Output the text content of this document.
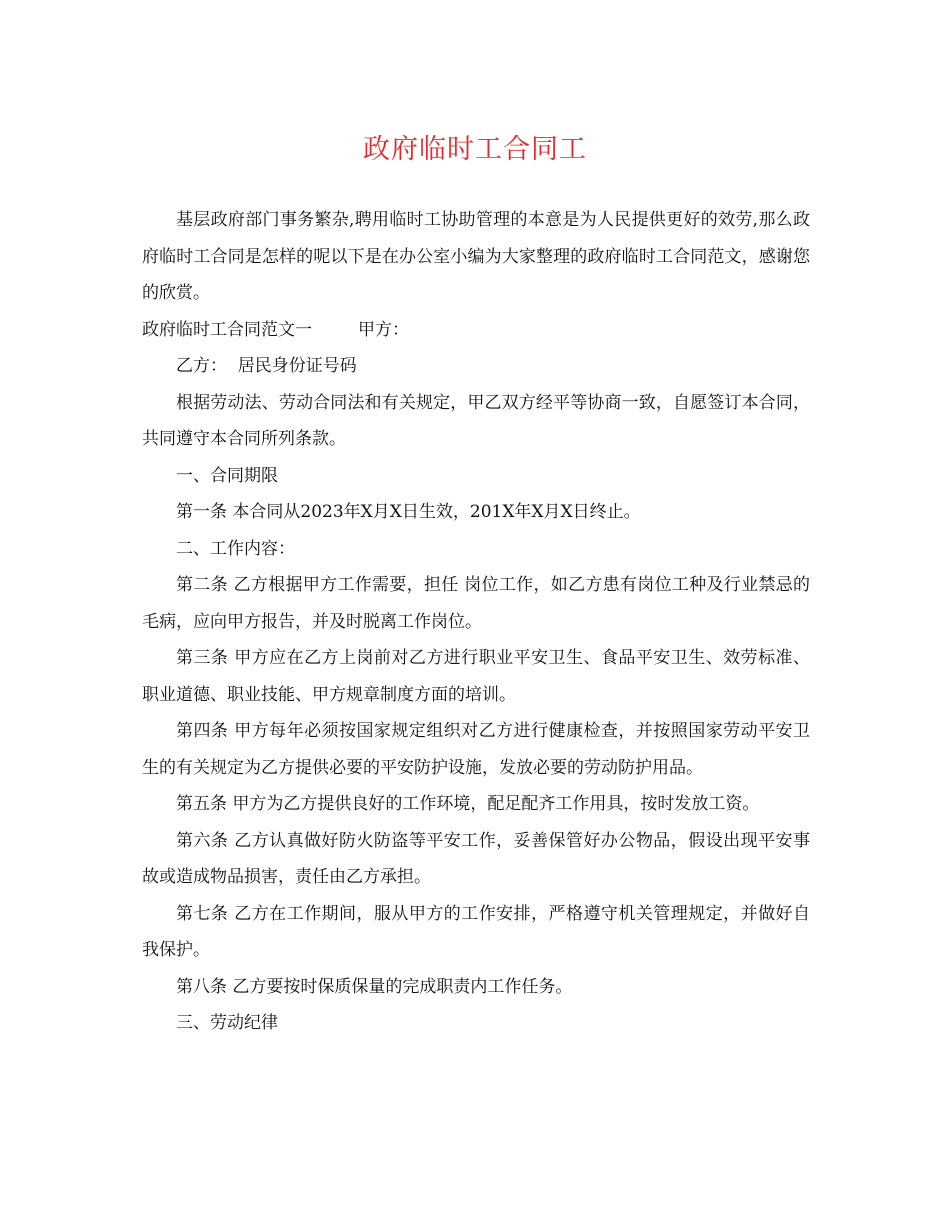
政府临时工合同工

基层政府部门事务繁杂,聘用临时工协助管理的本意是为人民提供更好的效劳,那么政府临时工合同是怎样的呢以下是在办公室小编为大家整理的政府临时工合同范文，感谢您的欣赏。

政府临时工合同范文一	甲方：

乙方：  居民身份证号码

根据劳动法、劳动合同法和有关规定，甲乙双方经平等协商一致，自愿签订本合同，共同遵守本合同所列条款。

一、合同期限

第一条 本合同从2023年X月X日生效，201X年X月X日终止。

二、工作内容：

第二条 乙方根据甲方工作需要，担任 岗位工作，如乙方患有岗位工种及行业禁忌的毛病，应向甲方报告，并及时脱离工作岗位。

第三条 甲方应在乙方上岗前对乙方进行职业平安卫生、食品平安卫生、效劳标准、职业道德、职业技能、甲方规章制度方面的培训。

第四条 甲方每年必须按国家规定组织对乙方进行健康检查，并按照国家劳动平安卫生的有关规定为乙方提供必要的平安防护设施，发放必要的劳动防护用品。

第五条 甲方为乙方提供良好的工作环境，配足配齐工作用具，按时发放工资。

第六条 乙方认真做好防火防盗等平安工作，妥善保管好办公物品，假设出现平安事故或造成物品损害，责任由乙方承担。

第七条 乙方在工作期间，服从甲方的工作安排，严格遵守机关管理规定，并做好自我保护。

第八条 乙方要按时保质保量的完成职责内工作任务。

三、劳动纪律
